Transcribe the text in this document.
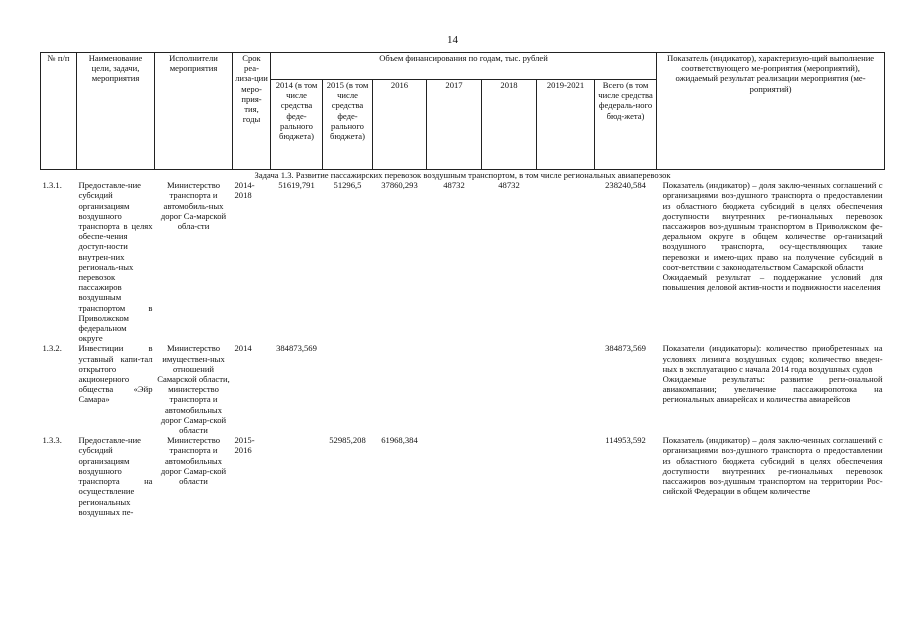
14
№ п/п	Наименование цели, задачи, мероприятия	Исполнители мероприятия	Срок реа-лиза-ции меро-прия-тия, годы	Объем финансирования по годам, тыс. рублей							Показатель (индикатор), характеризую-щий выполнение соответствующего ме-роприятия (мероприятий), ожидаемый результат реализации мероприятия (ме-роприятий)
				2014 (в том числе средства феде-рального бюджета)	2015 (в том числе средства феде-рального бюджета)	2016	2017	2018	2019-2021	Всего (в том числе средства федераль-ного бюд-жета)	
Задача 1.3. Развитие пассажирских перевозок воздушным транспортом, в том числе региональных авиаперевозок											
1.3.1.	Предоставле-ние субсидий организациям воздушного транспорта в целях обеспе-чения доступ-ности внутрен-них региональ-ных перевозок пассажиров воздушным транспортом в Приволжском федеральном округе	Министерство транспорта и автомобиль-ных дорог Са-марской обла-сти	2014-2018	51619,791	51296,5	37860,293	48732	48732		238240,584	Показатель (индикатор) – доля заклю-ченных соглашений с организациями воз-душного транспорта о предоставлении из областного бюджета субсидий в целях обеспечения доступности внутренних ре-гиональных перевозок пассажиров воз-душным транспортом в Приволжском фе-деральном округе в общем количестве ор-ганизаций воздушного транспорта, осу-ществляющих такие перевозки и имею-щих право на получение субсидий в соот-ветствии с законодательством Самарской области
Ожидаемый результат – поддержание условий для повышения деловой актив-ности и подвижности населения

1.3.2.	Инвестиции в уставный капи-тал открытого акционерного общества «Эйр Самара»	Министерство имуществен-ных отношений Самарской области, министерство транспорта и автомобильных дорог Самар-ской области	2014	384873,569						384873,569	Показатели (индикаторы): количество приобретенных на условиях лизинга воздушных судов; количество введен-ных в эксплуатацию с начала 2014 года воздушных судов
Ожидаемые результаты: развитие реги-ональной авиакомпании; увеличение пассажиропотока на региональных авиарейсах и количества авиарейсов

1.3.3.	Предоставле-ние субсидий организациям воздушного транспорта на осуществление региональных воздушных пе-	Министерство транспорта и автомобильных дорог Самар-ской области	2015-2016		52985,208	61968,384				114953,592	Показатель (индикатор) – доля заклю-ченных соглашений с организациями воз-душного транспорта о предоставлении из областного бюджета субсидий в целях обеспечения доступности внутренних ре-гиональных перевозок пассажиров воз-душным транспортом на территории Рос-сийской Федерации в общем количестве
